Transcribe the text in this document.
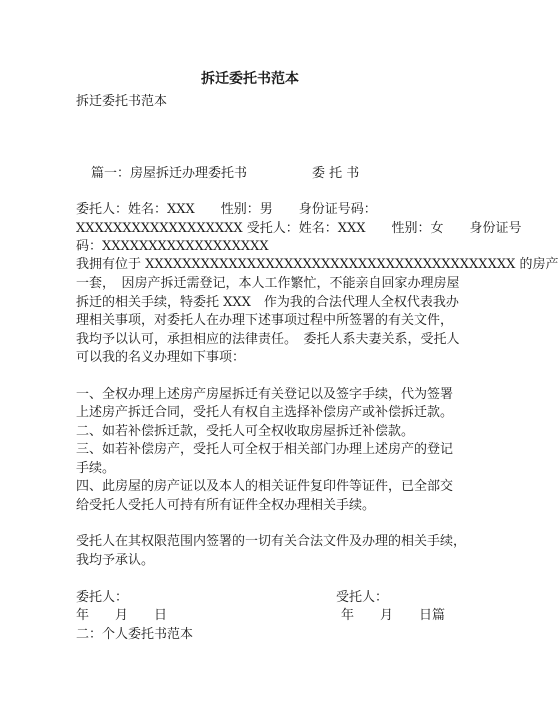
拆迁委托书范本
拆迁委托书范本
篇一：房屋拆迁办理委托书	委 托 书
委托人：姓名：XXX　　性别：男　　身份证号码：
XXXXXXXXXXXXXXXXXX 受托人：姓名：XXX　　性别：女　　身份证号
码：XXXXXXXXXXXXXXXXXX
我拥有位于 XXXXXXXXXXXXXXXXXXXXXXXXXXXXXXXXXXXXXXXX 的房产
一套，　因房产拆迁需登记，本人工作繁忙，不能亲自回家办理房屋
拆迁的相关手续，特委托 XXX　作为我的合法代理人全权代表我办
理相关事项，对委托人在办理下述事项过程中所签署的有关文件，
我均予以认可，承担相应的法律责任。　委托人系夫妻关系，受托人
可以我的名义办理如下事项：
一、全权办理上述房产房屋拆迁有关登记以及签字手续，代为签署
上述房产拆迁合同，受托人有权自主选择补偿房产或补偿拆迁款。
二、如若补偿拆迁款，受托人可全权收取房屋拆迁补偿款。
三、如若补偿房产，受托人可全权于相关部门办理上述房产的登记
手续。
四、此房屋的房产证以及本人的相关证件复印件等证件，已全部交
给受托人受托人可持有所有证件全权办理相关手续。
受托人在其权限范围内签署的一切有关合法文件及办理的相关手续，
我均予承认。
委托人：	受托人：
年　　月　　日	年　　月　　日篇
二：个人委托书范本
